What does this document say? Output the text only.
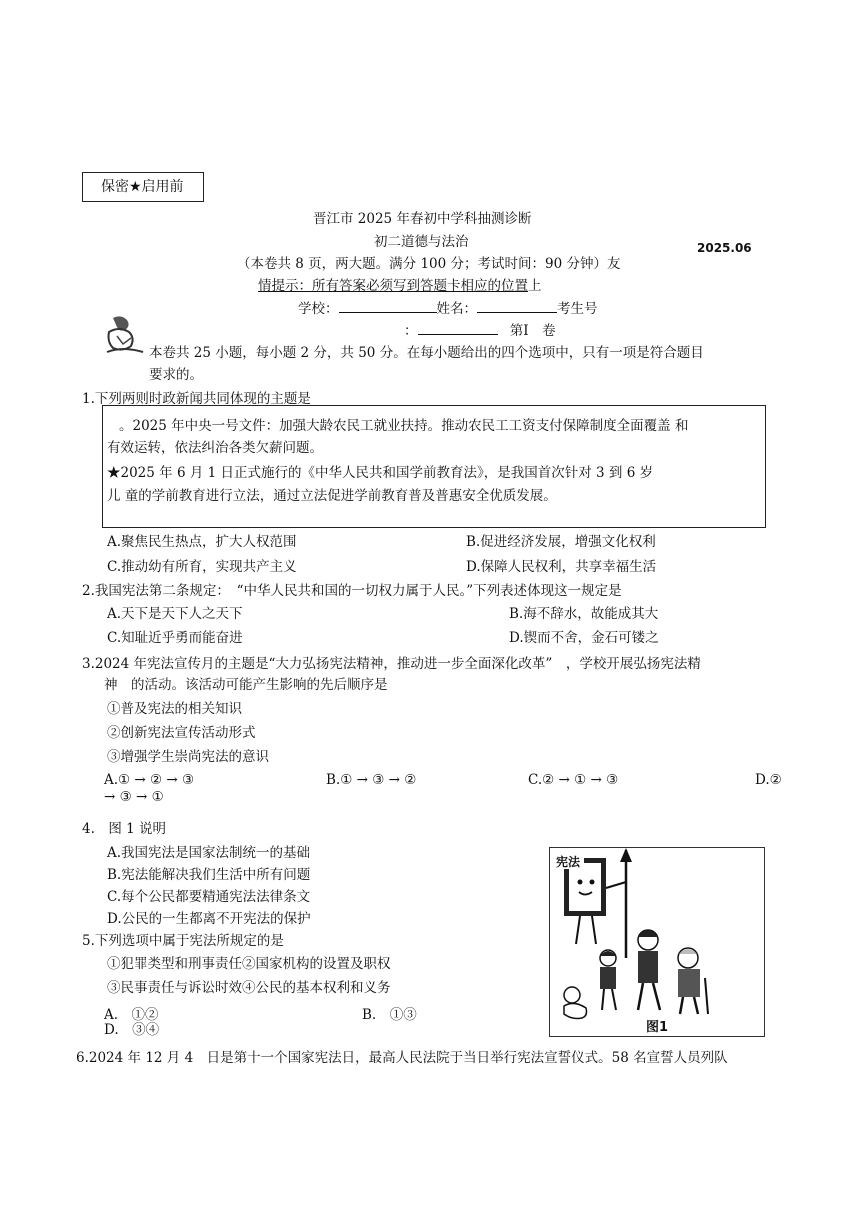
保密★启用前
晋江市 2025 年春初中学科抽测诊断
初二道德与法治	2025.06
（本卷共 8 页，两大题。满分 100 分；考试时间：90 分钟）友
情提示：所有答案必须写到答题卡相应的位置上
学校：	姓名：	考生号
：	第Ⅰ　卷
本卷共 25 小题，每小题 2 分，共 50 分。在每小题给出的四个选项中，只有一项是符合题目
要求的。
1.下列两则时政新闻共同体现的主题是
。2025 年中央一号文件：加强大龄农民工就业扶持。推动农民工工资支付保障制度全面覆盖 和
有效运转，依法纠治各类欠薪问题。
★2025 年 6 月 1 日正式施行的《中华人民共和国学前教育法》，是我国首次针对 3 到 6 岁
儿 童的学前教育进行立法，通过立法促进学前教育普及普惠安全优质发展。
A.聚焦民生热点，扩大人权范围	B.促进经济发展，增强文化权利
C.推动幼有所育，实现共产主义	D.保障人民权利，共享幸福生活
2.我国宪法第二条规定：　“中华人民共和国的一切权力属于人民。”下列表述体现这一规定是
A.天下是天下人之天下	B.海不辞水，故能成其大
C.知耻近乎勇而能奋进	D.锲而不舍，金石可镂之
3.2024 年宪法宣传月的主题是“大力弘扬宪法精神，推动进一步全面深化改革”　，学校开展弘扬宪法精
神　的活动。该活动可能产生影响的先后顺序是
①普及宪法的相关知识
②创新宪法宣传活动形式
③增强学生崇尚宪法的意识
A.① → ② → ③	B.① → ③ → ②	C.② → ① → ③	D.②
→ ③ → ①
4.　图 1 说明
A.我国宪法是国家法制统一的基础
B.宪法能解决我们生活中所有问题
C.每个公民都要精通宪法法律条文
D.公民的一生都离不开宪法的保护
5.下列选项中属于宪法所规定的是
①犯罪类型和刑事责任②国家机构的设置及职权
③民事责任与诉讼时效④公民的基本权利和义务
A.　①②	B.　①③
D.　③④
6.2024 年 12 月 4　日是第十一个国家宪法日，最高人民法院于当日举行宪法宣誓仪式。58 名宣誓人员列队
宪法
图1
